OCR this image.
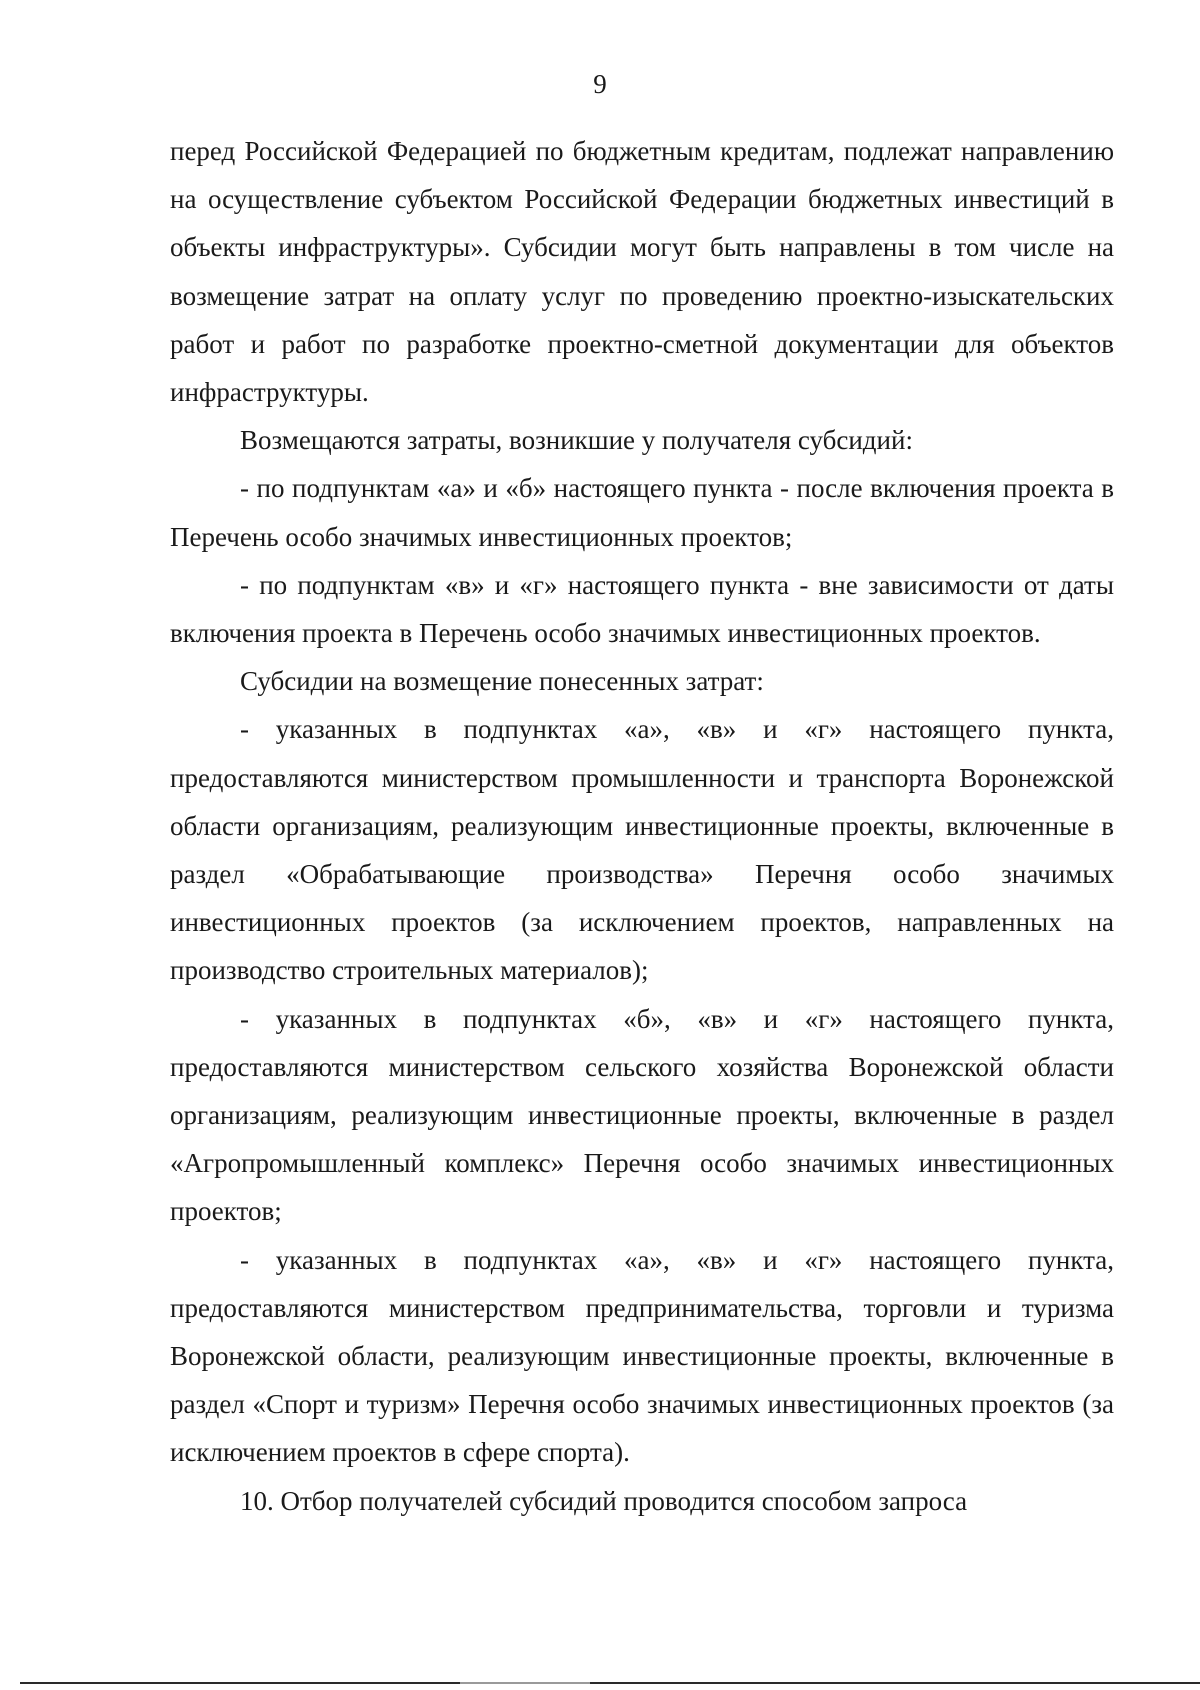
9

перед Российской Федерацией по бюджетным кредитам, подлежат направлению на осуществление субъектом Российской Федерации бюджетных инвестиций в объекты инфраструктуры». Субсидии могут быть направлены в том числе на возмещение затрат на оплату услуг по проведению проектно-изыскательских работ и работ по разработке проектно-сметной документации для объектов инфраструктуры.

Возмещаются затраты, возникшие у получателя субсидий:

- по подпунктам «а» и «б» настоящего пункта - после включения проекта в Перечень особо значимых инвестиционных проектов;

- по подпунктам «в» и «г» настоящего пункта - вне зависимости от даты включения проекта в Перечень особо значимых инвестиционных проектов.

Субсидии на возмещение понесенных затрат:

- указанных в подпунктах «а», «в» и «г» настоящего пункта, предоставляются министерством промышленности и транспорта Воронежской области организациям, реализующим инвестиционные проекты, включенные в раздел «Обрабатывающие производства» Перечня особо значимых инвестиционных проектов (за исключением проектов, направленных на производство строительных материалов);

- указанных в подпунктах «б», «в» и «г» настоящего пункта, предоставляются министерством сельского хозяйства Воронежской области организациям, реализующим инвестиционные проекты, включенные в раздел «Агропромышленный комплекс» Перечня особо значимых инвестиционных проектов;

- указанных в подпунктах «а», «в» и «г» настоящего пункта, предоставляются министерством предпринимательства, торговли и туризма Воронежской области, реализующим инвестиционные проекты, включенные в раздел «Спорт и туризм» Перечня особо значимых инвестиционных проектов (за исключением проектов в сфере спорта).

10. Отбор получателей субсидий проводится способом запроса
